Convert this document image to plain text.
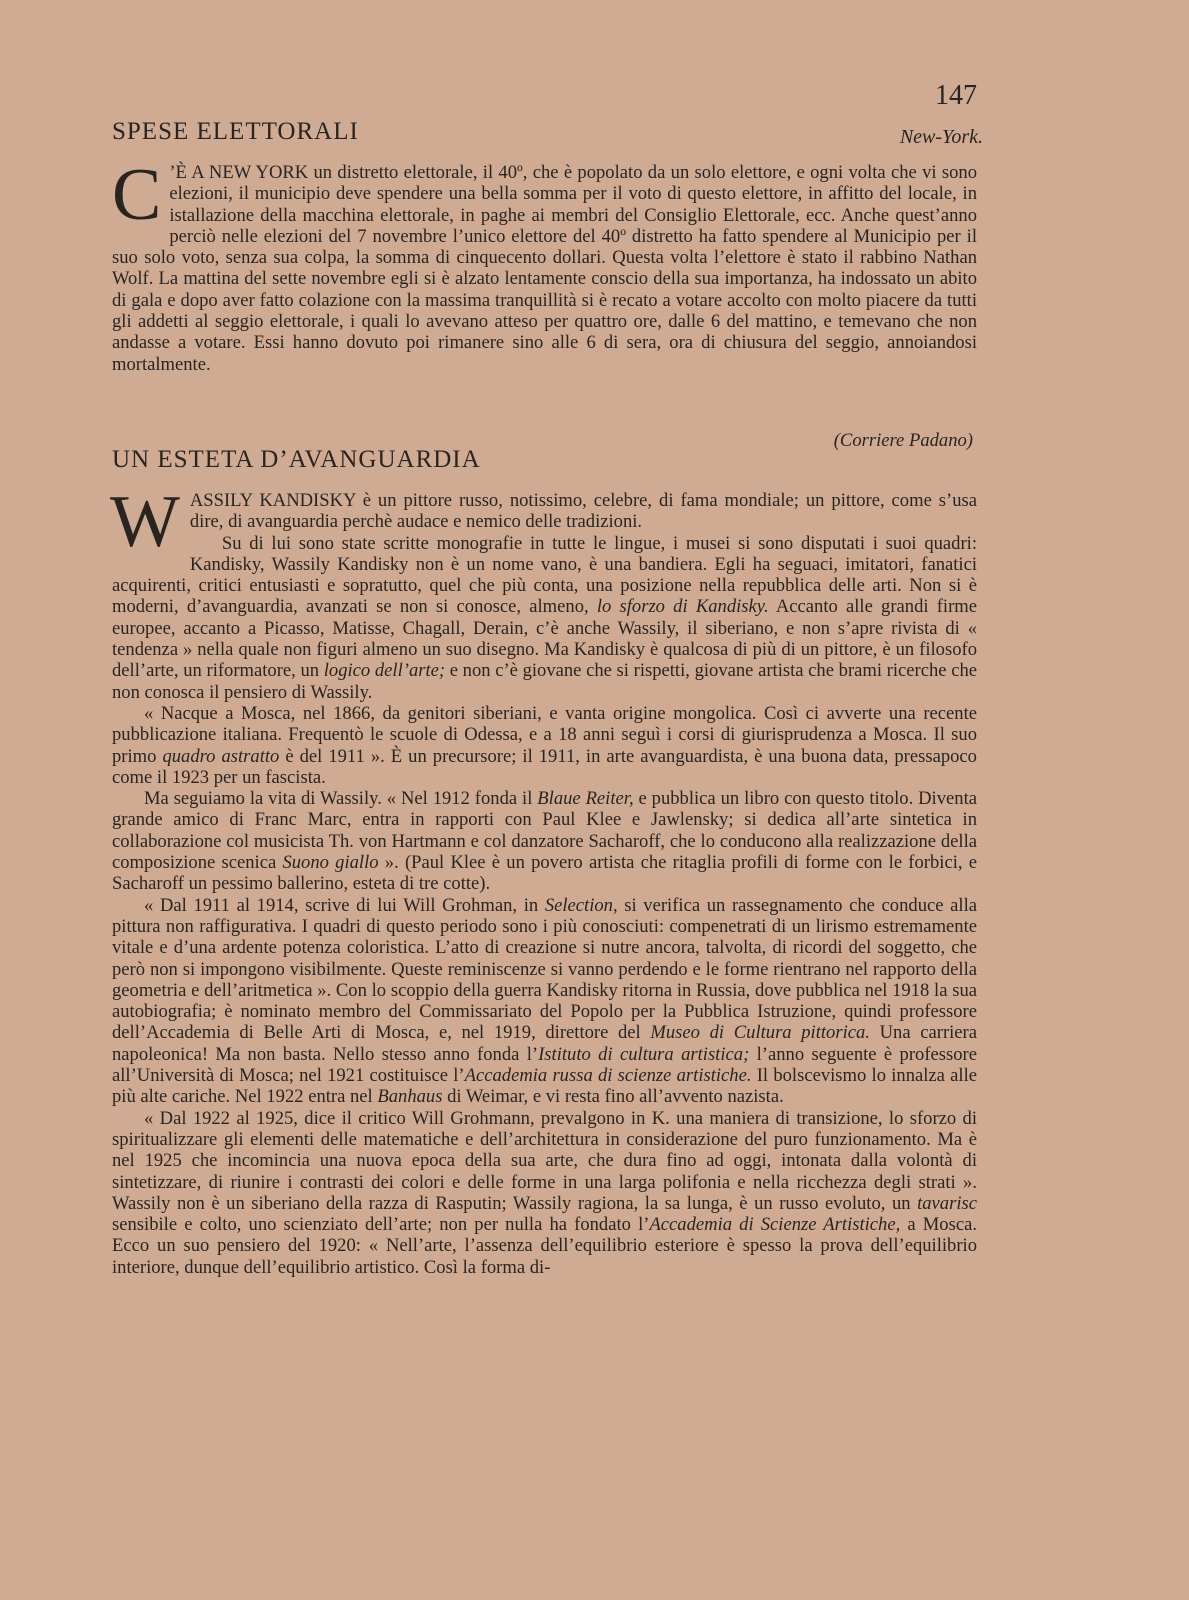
147
SPESE ELETTORALI	New-York.

C ’È A NEW YORK un distretto elettorale, il 40º, che è popolato da un solo elettore, e ogni volta che vi sono elezioni, il municipio deve spendere una bella somma per il voto di questo elettore, in affitto del locale, in istallazione della macchina elettorale, in paghe ai membri del Consiglio Elettorale, ecc. Anche quest’anno perciò nelle elezioni del 7 novembre l’unico elettore del 40º distretto ha fatto spendere al Municipio per il suo solo voto, senza sua colpa, la somma di cinquecento dollari. Questa volta l’elettore è stato il rabbino Nathan Wolf. La mattina del sette novembre egli si è alzato lentamente conscio della sua importanza, ha indossato un abito di gala e dopo aver fatto colazione con la massima tranquillità si è recato a votare accolto con molto piacere da tutti gli addetti al seggio elettorale, i quali lo avevano atteso per quattro ore, dalle 6 del mattino, e temevano che non andasse a votare. Essi hanno dovuto poi rimanere sino alle 6 di sera, ora di chiusura del seggio, annoiandosi mortalmente.

(Corriere Padano)
UN ESTETA D’AVANGUARDIA

WASSILY KANDISKY è un pittore russo, notissimo, celebre, di fama mondiale; un pittore, come s’usa dire, di avanguardia perchè audace e nemico delle tradizioni.

Su di lui sono state scritte monografie in tutte le lingue, i musei si sono disputati i suoi quadri: Kandisky, Wassily Kandisky non è un nome vano, è una bandiera. Egli ha seguaci, imitatori, fanatici acquirenti, critici entusiasti e sopratutto, quel che più conta, una posizione nella repubblica delle arti. Non si è moderni, d’avanguardia, avanzati se non si conosce, almeno, lo sforzo di Kandisky. Accanto alle grandi firme europee, accanto a Picasso, Matisse, Chagall, Derain, c’è anche Wassily, il siberiano, e non s’apre rivista di « tendenza » nella quale non figuri almeno un suo disegno. Ma Kandisky è qualcosa di più di un pittore, è un filosofo dell’arte, un riformatore, un logico dell’arte; e non c’è giovane che si rispetti, giovane artista che brami ricerche che non conosca il pensiero di Wassily.

« Nacque a Mosca, nel 1866, da genitori siberiani, e vanta origine mongolica. Così ci avverte una recente pubblicazione italiana. Frequentò le scuole di Odessa, e a 18 anni seguì i corsi di giurisprudenza a Mosca. Il suo primo quadro astratto è del 1911 ». È un precursore; il 1911, in arte avanguardista, è una buona data, pressapoco come il 1923 per un fascista.

Ma seguiamo la vita di Wassily. « Nel 1912 fonda il Blaue Reiter, e pubblica un libro con questo titolo. Diventa grande amico di Franc Marc, entra in rapporti con Paul Klee e Jawlensky; si dedica all’arte sintetica in collaborazione col musicista Th. von Hartmann e col danzatore Sacharoff, che lo conducono alla realizzazione della composizione scenica Suono giallo ». (Paul Klee è un povero artista che ritaglia profili di forme con le forbici, e Sacharoff un pessimo ballerino, esteta di tre cotte).

« Dal 1911 al 1914, scrive di lui Will Grohman, in Selection, si verifica un rassegnamento che conduce alla pittura non raffigurativa. I quadri di questo periodo sono i più conosciuti: compenetrati di un lirismo estremamente vitale e d’una ardente potenza coloristica. L’atto di creazione si nutre ancora, talvolta, di ricordi del soggetto, che però non si impongono visibilmente. Queste reminiscenze si vanno perdendo e le forme rientrano nel rapporto della geometria e dell’aritmetica ». Con lo scoppio della guerra Kandisky ritorna in Russia, dove pubblica nel 1918 la sua autobiografia; è nominato membro del Commissariato del Popolo per la Pubblica Istruzione, quindi professore dell’Accademia di Belle Arti di Mosca, e, nel 1919, direttore del Museo di Cultura pittorica. Una carriera napoleonica! Ma non basta. Nello stesso anno fonda l’Istituto di cultura artistica; l’anno seguente è professore all’Università di Mosca; nel 1921 costituisce l’Accademia russa di scienze artistiche. Il bolscevismo lo innalza alle più alte cariche. Nel 1922 entra nel Banhaus di Weimar, e vi resta fino all’avvento nazista.

« Dal 1922 al 1925, dice il critico Will Grohmann, prevalgono in K. una maniera di transizione, lo sforzo di spiritualizzare gli elementi delle matematiche e dell’architettura in considerazione del puro funzionamento. Ma è nel 1925 che incomincia una nuova epoca della sua arte, che dura fino ad oggi, intonata dalla volontà di sintetizzare, di riunire i contrasti dei colori e delle forme in una larga polifonia e nella ricchezza degli strati ». Wassily non è un siberiano della razza di Rasputin; Wassily ragiona, la sa lunga, è un russo evoluto, un tavarisc sensibile e colto, uno scienziato dell’arte; non per nulla ha fondato l’Accademia di Scienze Artistiche, a Mosca. Ecco un suo pensiero del 1920: « Nell’arte, l’assenza dell’equilibrio esteriore è spesso la prova dell’equilibrio interiore, dunque dell’equilibrio artistico. Così la forma di-
